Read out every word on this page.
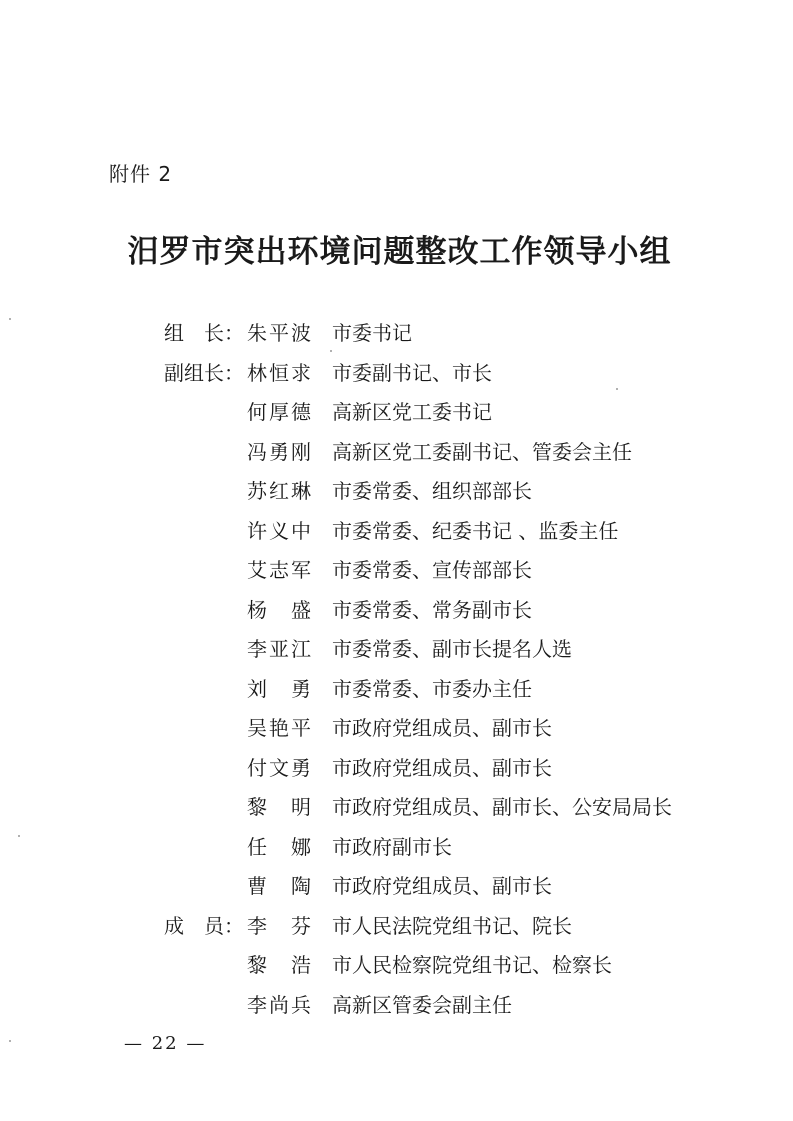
附件 2
汨罗市突出环境问题整改工作领导小组
组　长： 朱平波 市委书记
副组长： 林恒求 市委副书记、市长
何厚德 高新区党工委书记
冯勇刚 高新区党工委副书记、管委会主任
苏红琳 市委常委、组织部部长
许义中 市委常委、纪委书记 、监委主任
艾志军 市委常委、宣传部部长
杨盛 市委常委、常务副市长
李亚江 市委常委、副市长提名人选
刘勇 市委常委、市委办主任
吴艳平 市政府党组成员、副市长
付文勇 市政府党组成员、副市长
黎明 市政府党组成员、副市长、公安局局长
任娜 市政府副市长
曹陶 市政府党组成员、副市长
成　员： 李芬 市人民法院党组书记、院长
黎浩 市人民检察院党组书记、检察长
李尚兵 高新区管委会副主任
— 22 —
